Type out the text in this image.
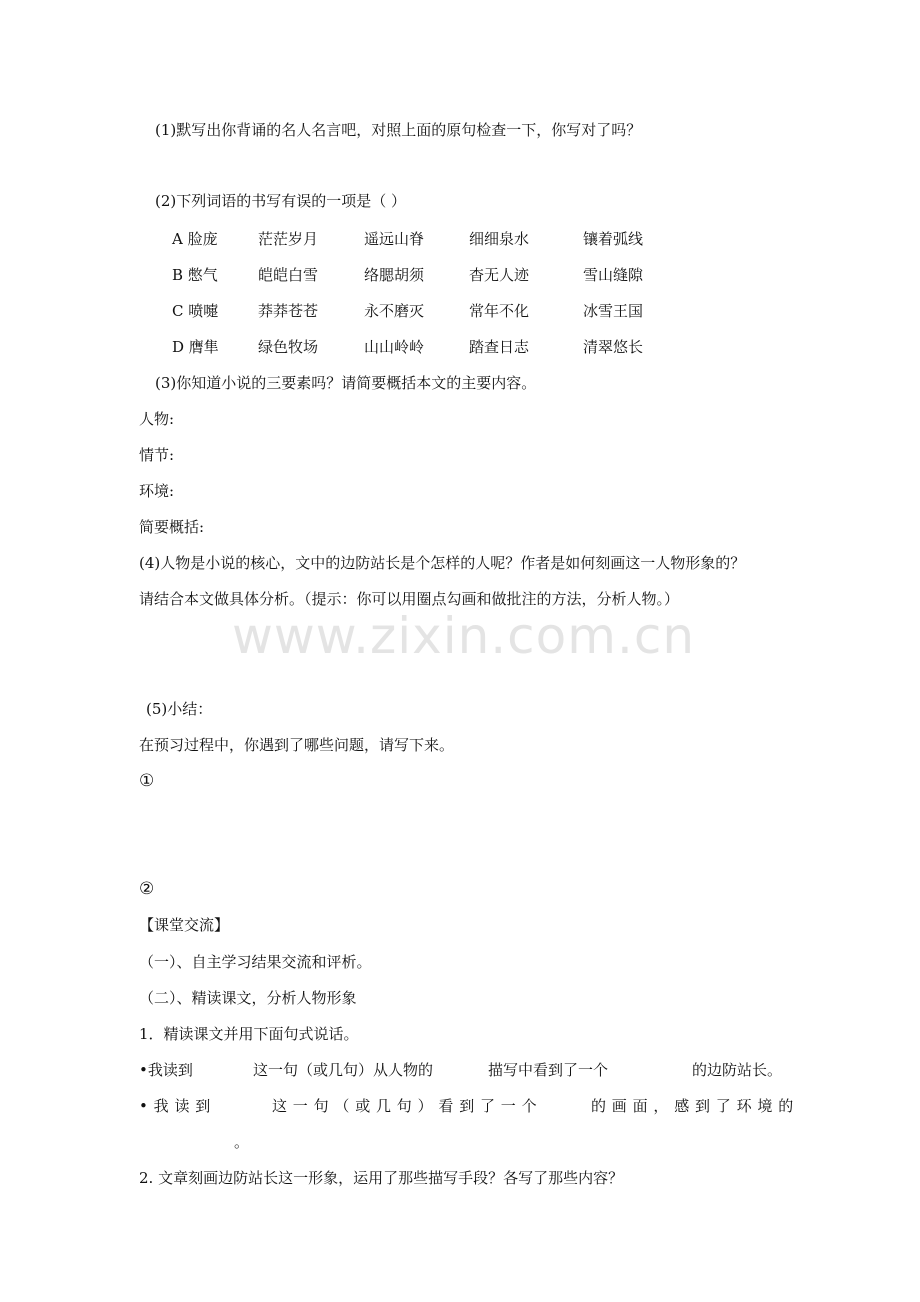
www.zixin.com.cn
(1)默写出你背诵的名人名言吧，对照上面的原句检查一下，你写对了吗？
(2)下列词语的书写有误的一项是（ ）
A 脸庞	茫茫岁月	遥远山脊	细细泉水	镶着弧线
B 憋气	皑皑白雪	络腮胡须	杳无人迹	雪山缝隙
C 喷嚏	莽莽苍苍	永不磨灭	常年不化	冰雪王国
D 膺隼	绿色牧场	山山岭岭	踏查日志	清翠悠长
(3)你知道小说的三要素吗？请简要概括本文的主要内容。
人物:
情节:
环境:
简要概括:
(4)人物是小说的核心，文中的边防站长是个怎样的人呢？作者是如何刻画这一人物形象的？
请结合本文做具体分析。（提示：你可以用圈点勾画和做批注的方法，分析人物。）
(5)小结：
在预习过程中，你遇到了哪些问题，请写下来。
①
②
【课堂交流】
（一）、自主学习结果交流和评析。
（二）、精读课文，分析人物形象
1．精读课文并用下面句式说话。
•我读到	这一句（或几句）从人物的	描写中看到了一个	的边防站长。
•我读到	这一句（或几句）看到了一个	的画面，感到了环境的
。
2. 文章刻画边防站长这一形象，运用了那些描写手段？各写了那些内容？
